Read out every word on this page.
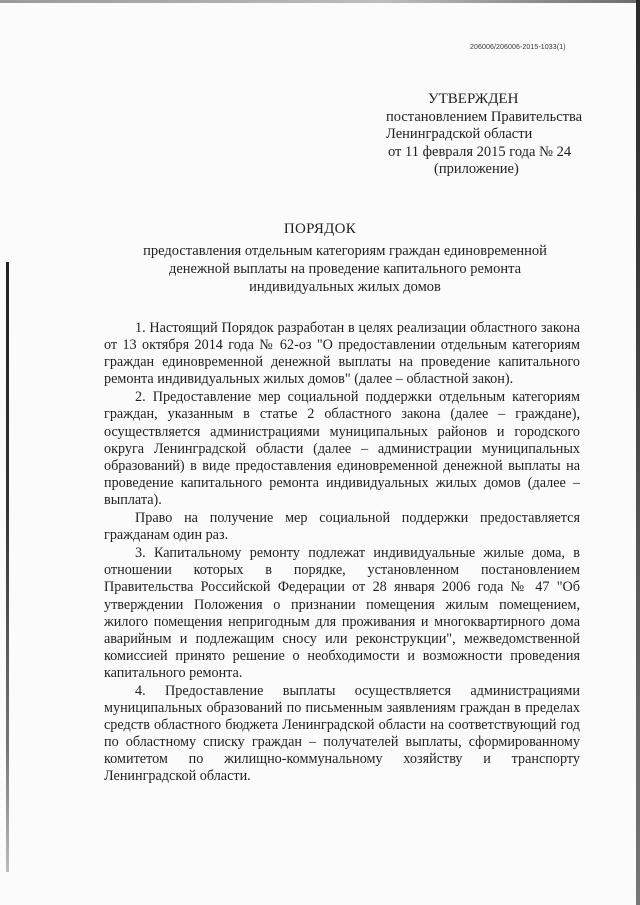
206006/206006-2015-1033(1)
УТВЕРЖДЕН
постановлением Правительства
Ленинградской области
от 11 февраля 2015 года № 24
(приложение)
ПОРЯДОК
предоставления отдельным категориям граждан единовременной
денежной выплаты на проведение капитального ремонта
индивидуальных жилых домов

1. Настоящий Порядок разработан в целях реализации областного закона от 13 октября 2014 года № 62-оз "О предоставлении отдельным категориям граждан единовременной денежной выплаты на проведение капитального ремонта индивидуальных жилых домов" (далее – областной закон).

2. Предоставление мер социальной поддержки отдельным категориям граждан, указанным в статье 2 областного закона (далее – граждане), осуществляется администрациями муниципальных районов и городского округа Ленинградской области (далее – администрации муниципальных образований) в виде предоставления единовременной денежной выплаты на проведение капитального ремонта индивидуальных жилых домов (далее – выплата).

Право на получение мер социальной поддержки предоставляется гражданам один раз.

3. Капитальному ремонту подлежат индивидуальные жилые дома, в отношении которых в порядке, установленном постановлением Правительства Российской Федерации от 28 января 2006 года № 47 "Об утверждении Положения о признании помещения жилым помещением, жилого помещения непригодным для проживания и многоквартирного дома аварийным и подлежащим сносу или реконструкции", межведомственной комиссией принято решение о необходимости и возможности проведения капитального ремонта.

4. Предоставление выплаты осуществляется администрациями муниципальных образований по письменным заявлениям граждан в пределах средств областного бюджета Ленинградской области на соответствующий год по областному списку граждан – получателей выплаты, сформированному комитетом по жилищно-коммунальному хозяйству и транспорту Ленинградской области.
